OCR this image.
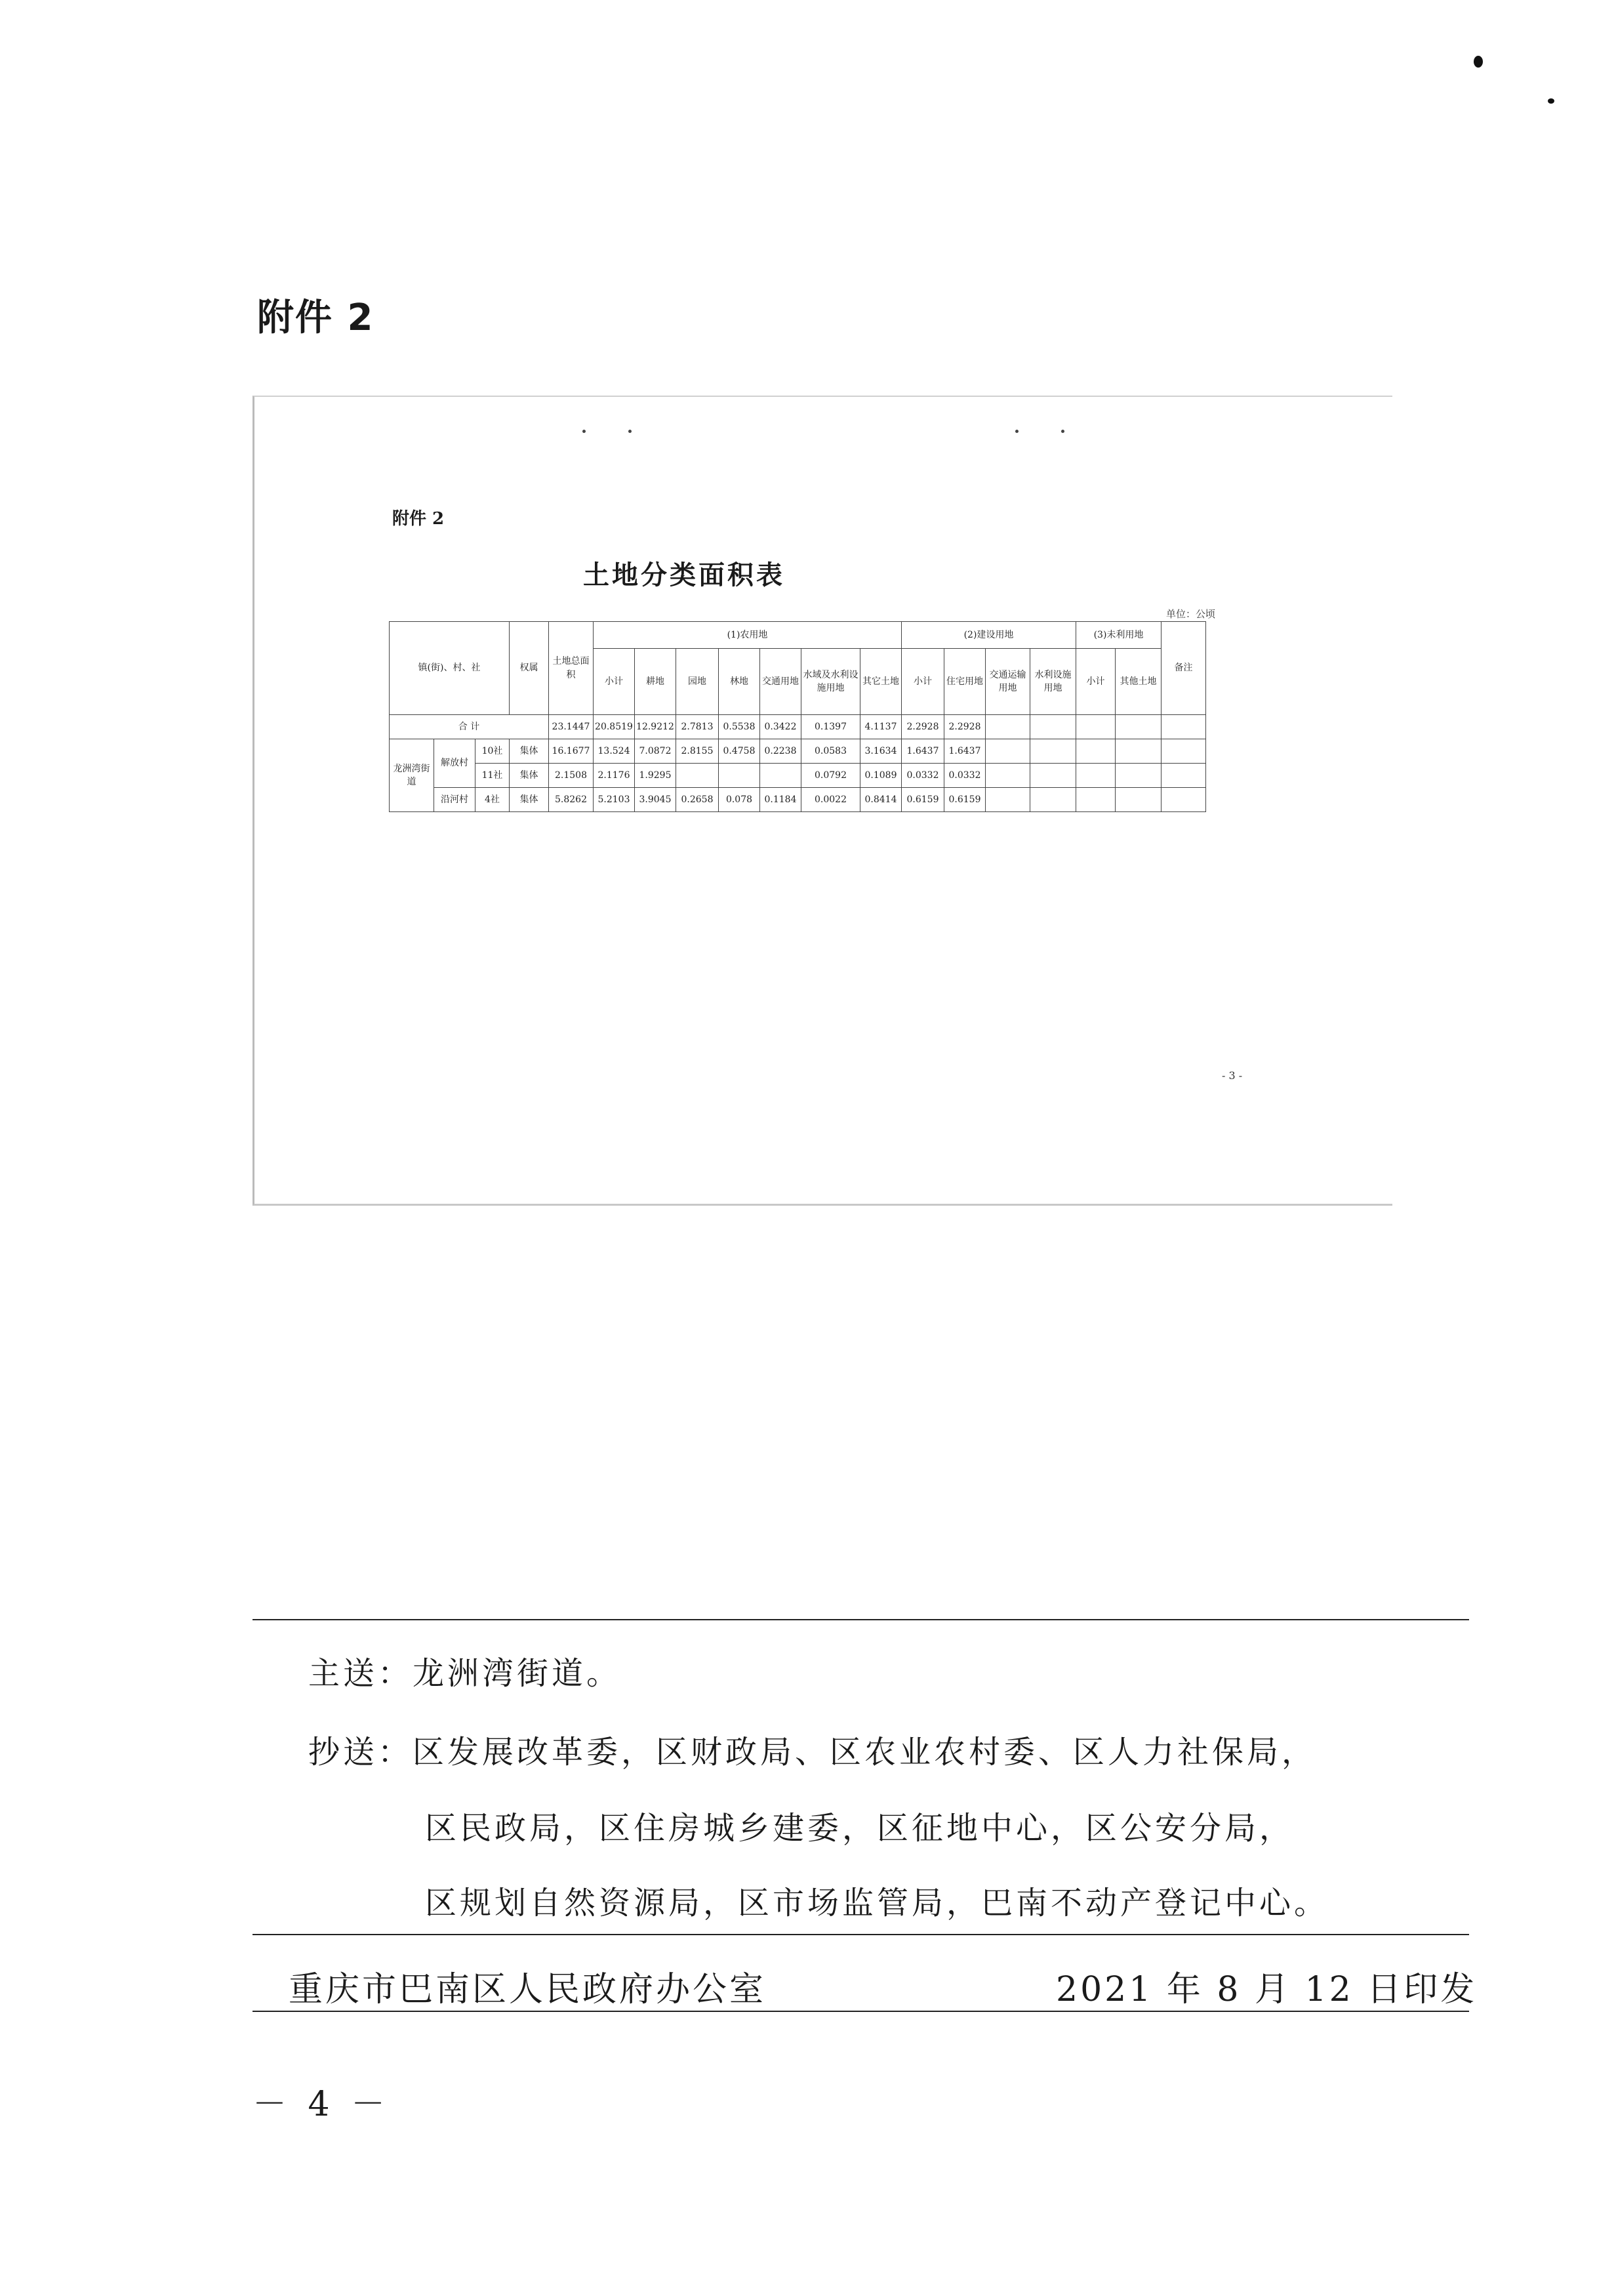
附件 2
附件 2
土地分类面积表
单位：公顷
镇(街)、村、社			权属	土地总面积	(1)农用地							(2)建设用地				(3)未利用地		备注
					小计	耕地	园地	林地	交通用地	水域及水利设施用地	其它土地	小计	住宅用地	交通运输用地	水利设施用地	小计	其他土地	
合 计				23.1447	20.8519	12.9212	2.7813	0.5538	0.3422	0.1397	4.1137	2.2928	2.2928					
龙洲湾街道	解放村	10社	集体	16.1677	13.524	7.0872	2.8155	0.4758	0.2238	0.0583	3.1634	1.6437	1.6437					
		11社	集体	2.1508	2.1176	1.9295				0.0792	0.1089	0.0332	0.0332					
	沿河村	4社	集体	5.8262	5.2103	3.9045	0.2658	0.078	0.1184	0.0022	0.8414	0.6159	0.6159					
- 3 -
主送：龙洲湾街道。
抄送：区发展改革委，区财政局、区农业农村委、区人力社保局，
区民政局，区住房城乡建委，区征地中心，区公安分局，
区规划自然资源局，区市场监管局，巴南不动产登记中心。
重庆市巴南区人民政府办公室	2021 年 8 月 12 日印发
－ 4 －
